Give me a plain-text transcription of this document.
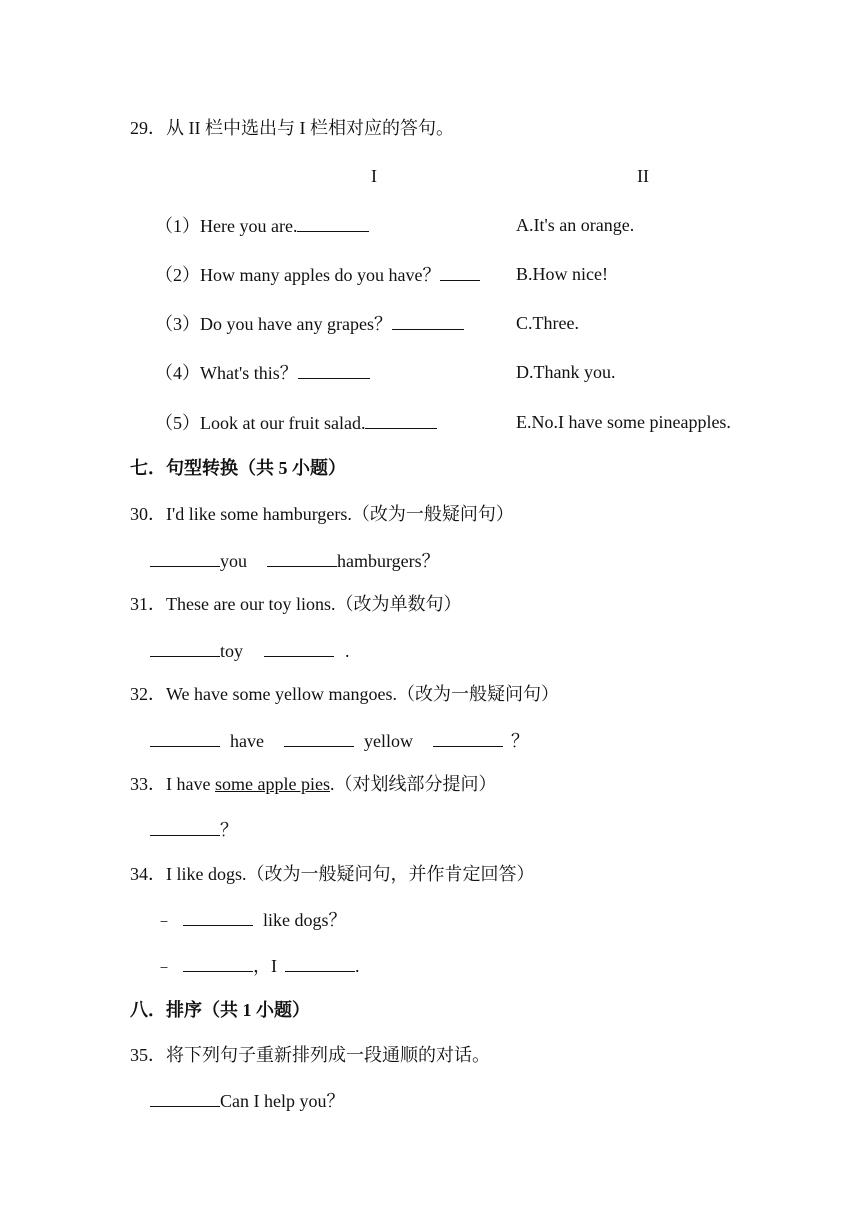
29．从 II 栏中选出与 I 栏相对应的答句。
I	II
（1）Here you are.	A.It's an orange.
（2）How many apples do you have？	B.How nice!
（3）Do you have any grapes？	C.Three.
（4）What's this？	D.Thank you.
（5）Look at our fruit salad.	E.No.I have some pineapples.
七．句型转换（共 5 小题）
30．I'd like some hamburgers.（改为一般疑问句）
you	hamburgers？
31．These are our toy lions.（改为单数句）
toy	.
32．We have some yellow mangoes.（改为一般疑问句）
have	yellow	？
33．I have some apple pies.（对划线部分提问）
？
34．I like dogs.（改为一般疑问句，并作肯定回答）
﹣	like dogs？
﹣	，I	.
八．排序（共 1 小题）
35．将下列句子重新排列成一段通顺的对话。
Can I help you？
